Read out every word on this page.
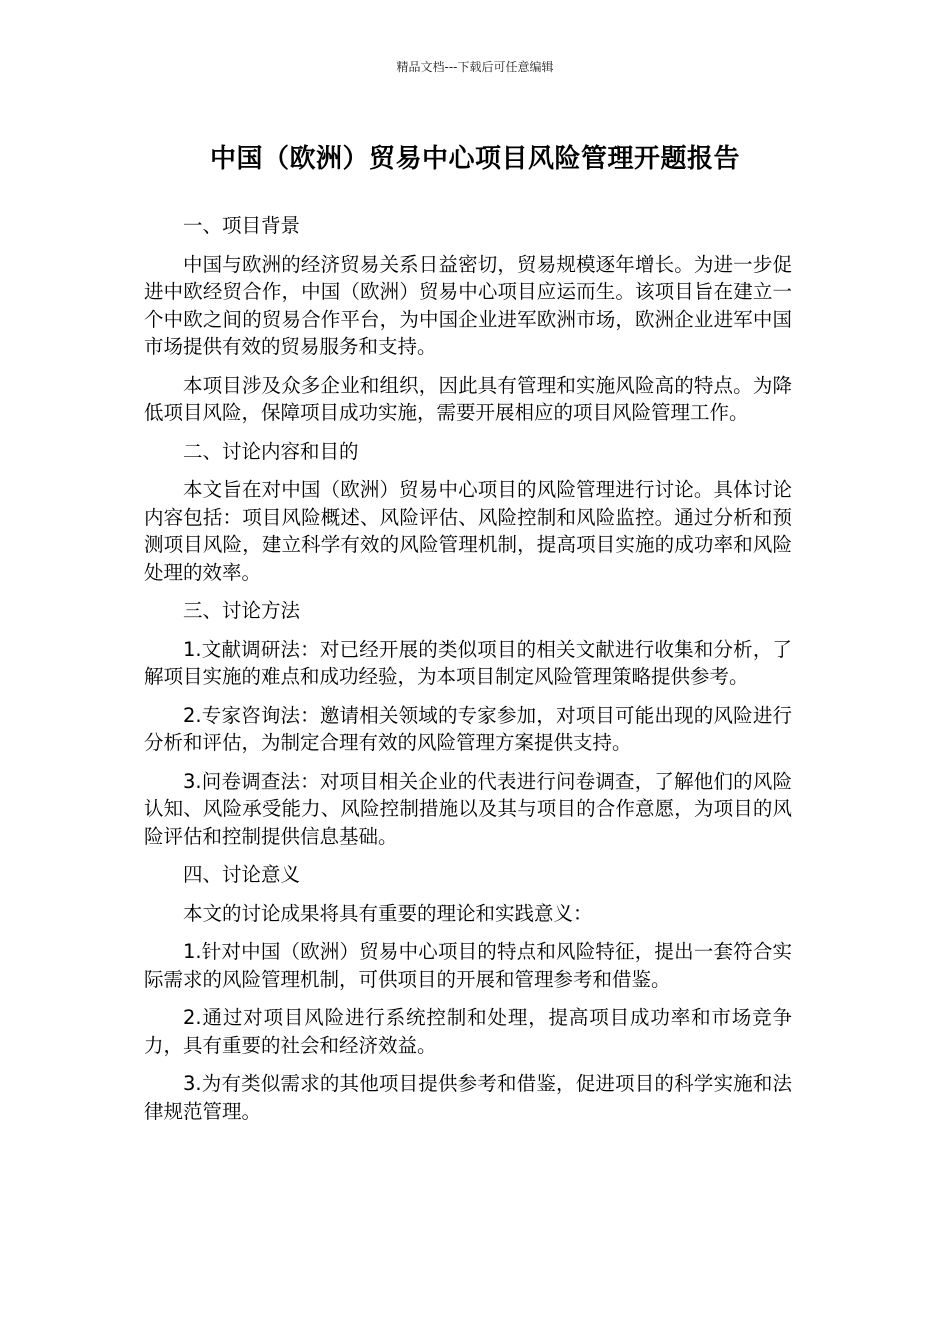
精品文档---下载后可任意编辑
中国（欧洲）贸易中心项目风险管理开题报告

一、项目背景

中国与欧洲的经济贸易关系日益密切，贸易规模逐年增长。为进一步促进中欧经贸合作，中国（欧洲）贸易中心项目应运而生。该项目旨在建立一个中欧之间的贸易合作平台，为中国企业进军欧洲市场，欧洲企业进军中国市场提供有效的贸易服务和支持。

本项目涉及众多企业和组织，因此具有管理和实施风险高的特点。为降低项目风险，保障项目成功实施，需要开展相应的项目风险管理工作。

二、讨论内容和目的

本文旨在对中国（欧洲）贸易中心项目的风险管理进行讨论。具体讨论内容包括：项目风险概述、风险评估、风险控制和风险监控。通过分析和预测项目风险，建立科学有效的风险管理机制，提高项目实施的成功率和风险处理的效率。

三、讨论方法

1.文献调研法：对已经开展的类似项目的相关文献进行收集和分析，了解项目实施的难点和成功经验，为本项目制定风险管理策略提供参考。

2.专家咨询法：邀请相关领域的专家参加，对项目可能出现的风险进行分析和评估，为制定合理有效的风险管理方案提供支持。

3.问卷调查法：对项目相关企业的代表进行问卷调查，了解他们的风险认知、风险承受能力、风险控制措施以及其与项目的合作意愿，为项目的风险评估和控制提供信息基础。

四、讨论意义

本文的讨论成果将具有重要的理论和实践意义：

1.针对中国（欧洲）贸易中心项目的特点和风险特征，提出一套符合实际需求的风险管理机制，可供项目的开展和管理参考和借鉴。

2.通过对项目风险进行系统控制和处理，提高项目成功率和市场竞争力，具有重要的社会和经济效益。

3.为有类似需求的其他项目提供参考和借鉴，促进项目的科学实施和法律规范管理。
